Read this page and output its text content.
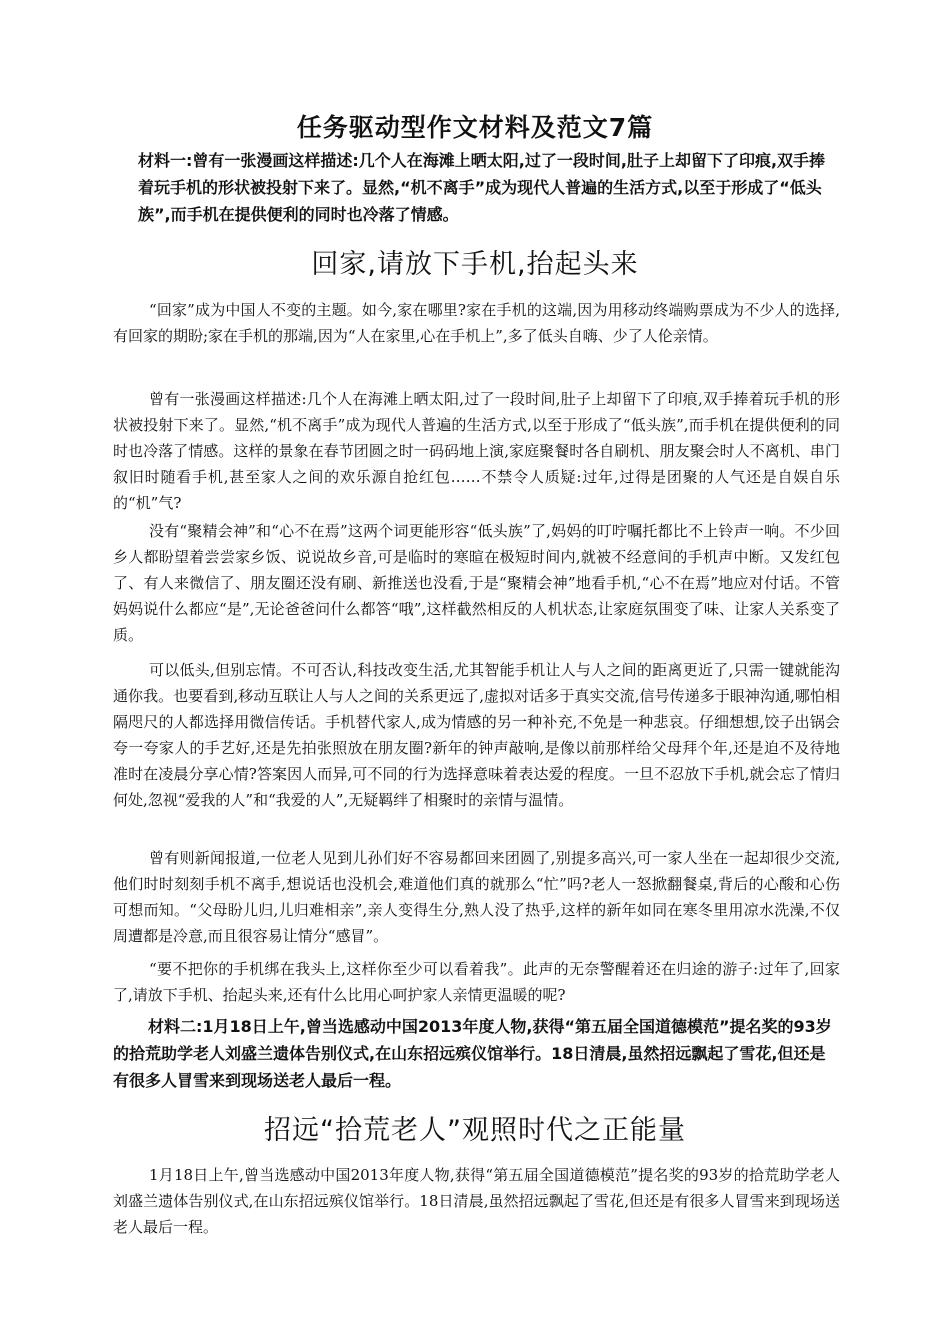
任务驱动型作文材料及范文7篇
材料一:曾有一张漫画这样描述:几个人在海滩上晒太阳,过了一段时间,肚子上却留下了印痕,双手捧着玩手机的形状被投射下来了。显然,“机不离手”成为现代人普遍的生活方式,以至于形成了“低头族”,而手机在提供便利的同时也冷落了情感。
回家,请放下手机,抬起头来
“回家”成为中国人不变的主题。如今,家在哪里?家在手机的这端,因为用移动终端购票成为不少人的选择,有回家的期盼;家在手机的那端,因为“人在家里,心在手机上”,多了低头自嗨、少了人伦亲情。
曾有一张漫画这样描述:几个人在海滩上晒太阳,过了一段时间,肚子上却留下了印痕,双手捧着玩手机的形状被投射下来了。显然,“机不离手”成为现代人普遍的生活方式,以至于形成了“低头族”,而手机在提供便利的同时也冷落了情感。这样的景象在春节团圆之时一码码地上演,家庭聚餐时各自刷机、朋友聚会时人不离机、串门叙旧时随看手机,甚至家人之间的欢乐源自抢红包……不禁令人质疑:过年,过得是团聚的人气还是自娱自乐的“机”气?
没有“聚精会神”和“心不在焉”这两个词更能形容“低头族”了,妈妈的叮咛嘱托都比不上铃声一响。不少回乡人都盼望着尝尝家乡饭、说说故乡音,可是临时的寒暄在极短时间内,就被不经意间的手机声中断。又发红包了、有人来微信了、朋友圈还没有刷、新推送也没看,于是“聚精会神”地看手机,“心不在焉”地应对付话。不管妈妈说什么都应“是”,无论爸爸问什么都答“哦”,这样截然相反的人机状态,让家庭氛围变了味、让家人关系变了质。
可以低头,但别忘情。不可否认,科技改变生活,尤其智能手机让人与人之间的距离更近了,只需一键就能沟通你我。也要看到,移动互联让人与人之间的关系更远了,虚拟对话多于真实交流,信号传递多于眼神沟通,哪怕相隔咫尺的人都选择用微信传话。手机替代家人,成为情感的另一种补充,不免是一种悲哀。仔细想想,饺子出锅会夸一夸家人的手艺好,还是先拍张照放在朋友圈?新年的钟声敲响,是像以前那样给父母拜个年,还是迫不及待地准时在凌晨分享心情?答案因人而异,可不同的行为选择意味着表达爱的程度。一旦不忍放下手机,就会忘了情归何处,忽视“爱我的人”和“我爱的人”,无疑羁绊了相聚时的亲情与温情。
曾有则新闻报道,一位老人见到儿孙们好不容易都回来团圆了,别提多高兴,可一家人坐在一起却很少交流,他们时时刻刻手机不离手,想说话也没机会,难道他们真的就那么“忙”吗?老人一怒掀翻餐桌,背后的心酸和心伤可想而知。“父母盼儿归,儿归难相亲”,亲人变得生分,熟人没了热乎,这样的新年如同在寒冬里用凉水洗澡,不仅周遭都是冷意,而且很容易让情分“感冒”。
“要不把你的手机绑在我头上,这样你至少可以看着我”。此声的无奈警醒着还在归途的游子:过年了,回家了,请放下手机、抬起头来,还有什么比用心呵护家人亲情更温暖的呢?
材料二:1月18日上午,曾当选感动中国2013年度人物,获得“第五届全国道德模范”提名奖的93岁的拾荒助学老人刘盛兰遗体告别仪式,在山东招远殡仪馆举行。18日清晨,虽然招远飘起了雪花,但还是有很多人冒雪来到现场送老人最后一程。
招远“拾荒老人”观照时代之正能量
1月18日上午,曾当选感动中国2013年度人物,获得“第五届全国道德模范”提名奖的93岁的拾荒助学老人刘盛兰遗体告别仪式,在山东招远殡仪馆举行。18日清晨,虽然招远飘起了雪花,但还是有很多人冒雪来到现场送老人最后一程。
